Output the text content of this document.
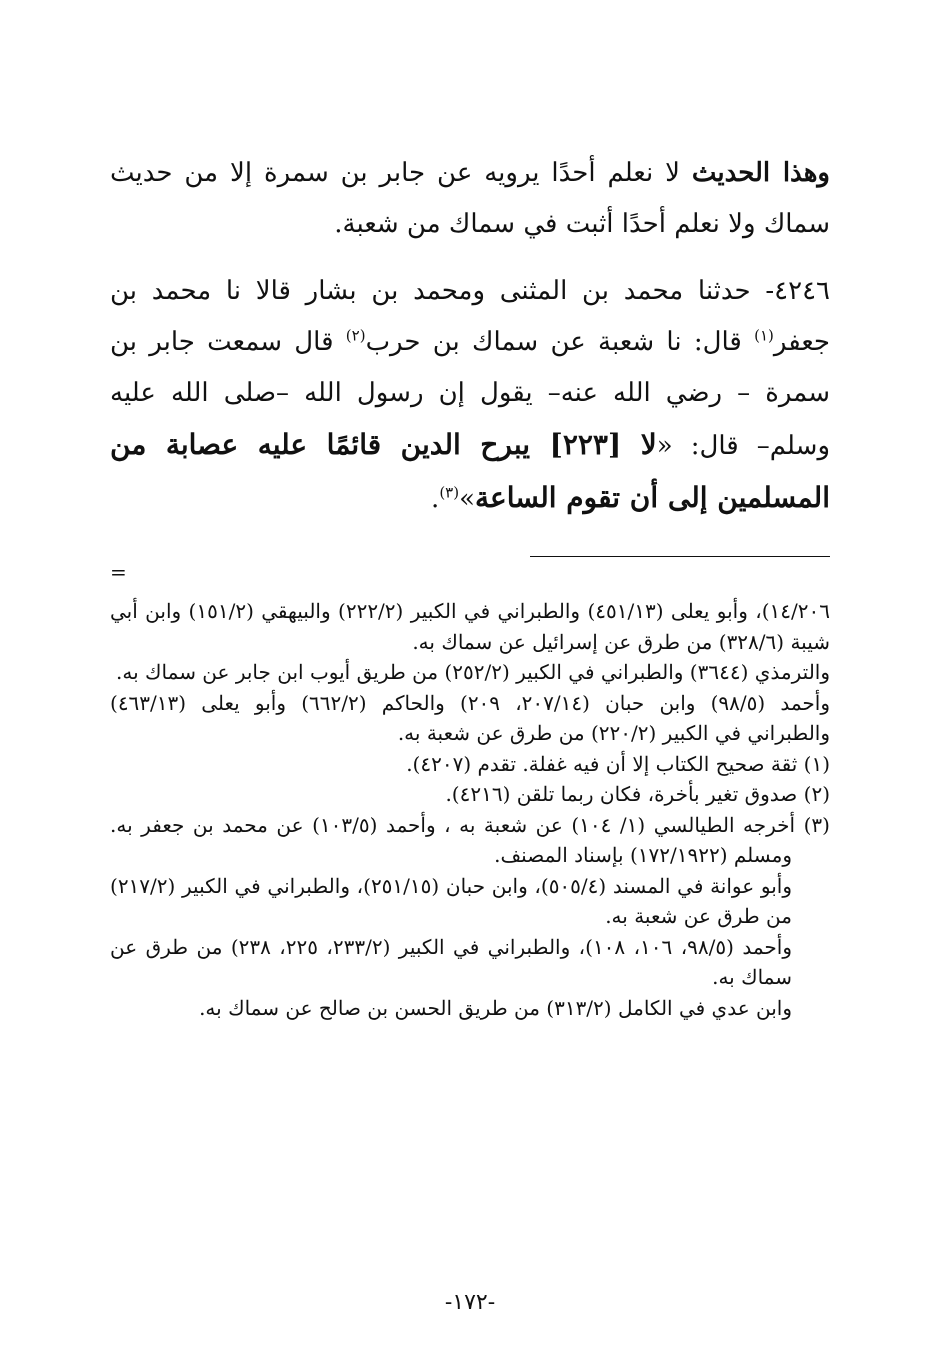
وهذا الحديث لا نعلم أحدًا يرويه عن جابر بن سمرة إلا من حديث سماك ولا نعلم أحدًا أثبت في سماك من شعبة.

٤٢٤٦- حدثنا محمد بن المثنى ومحمد بن بشار قالا نا محمد بن جعفر$^{(١)}$ قال: نا شعبة عن سماك بن حرب$^{(٢)}$ قال سمعت جابر بن سمرة – رضي الله عنه– يقول إن رسول الله –صلى الله عليه وسلم– قال: «لا [٢٢٣] يبرح الدين قائمًا عليه عصابة من المسلمين إلى أن تقوم الساعة»$^{(٣)}$.

=

١٤/٢٠٦)، وأبو يعلى (٤٥١/١٣) والطبراني في الكبير (٢٢٢/٢) والبيهقي (١٥١/٢) وابن أبي شيبة (٣٢٨/٦) من طرق عن إسرائيل عن سماك به.

والترمذي (٣٦٤٤) والطبراني في الكبير (٢٥٢/٢) من طريق أيوب ابن جابر عن سماك به.

وأحمد (٩٨/٥) وابن حبان (٢٠٧/١٤، ٢٠٩) والحاكم (٦٦٢/٢) وأبو يعلى (٤٦٣/١٣) والطبراني في الكبير (٢٢٠/٢) من طرق عن شعبة به.

(١) ثقة صحيح الكتاب إلا أن فيه غفلة. تقدم (٤٢٠٧).

(٢) صدوق تغير بأخرة، فكان ربما تلقن (٤٢١٦).

(٣) أخرجه الطيالسي (١/ ١٠٤) عن شعبة به ، وأحمد (١٠٣/٥) عن محمد بن جعفر به. ومسلم (١٧٢/١٩٢٢) بإسناد المصنف.

وأبو عوانة في المسند (٥٠٥/٤)، وابن حبان (٢٥١/١٥)، والطبراني في الكبير (٢١٧/٢) من طرق عن شعبة به.

وأحمد (٩٨/٥، ١٠٦، ١٠٨)، والطبراني في الكبير (٢٣٣/٢، ٢٢٥، ٢٣٨) من طرق عن سماك به.

وابن عدي في الكامل (٣١٣/٢) من طريق الحسن بن صالح عن سماك به.

-١٧٢-
